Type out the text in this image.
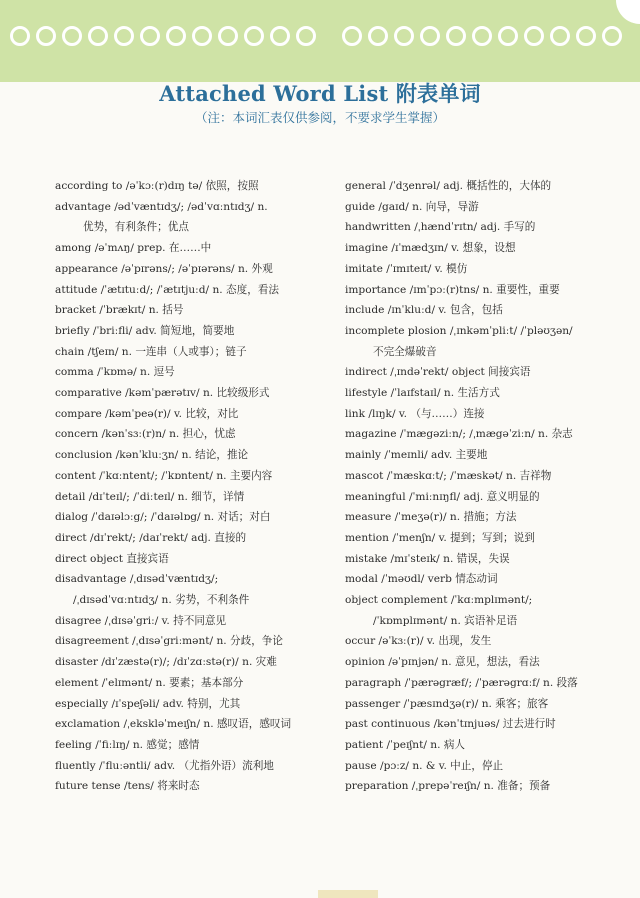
Attached Word List 附表单词
（注：本词汇表仅供参阅，不要求学生掌握）
according to /əˈkɔː(r)dɪŋ tə/ 依照，按照
advantage /ədˈvæntɪdʒ/; /ədˈvɑːntɪdʒ/ n.
优势，有利条件；优点
among /əˈmʌŋ/ prep. 在……中
appearance /əˈpɪrəns/; /əˈpɪərəns/ n. 外观
attitude /ˈætɪtuːd/; /ˈætɪtjuːd/ n. 态度，看法
bracket /ˈbrækɪt/ n. 括号
briefly /ˈbriːfli/ adv. 简短地，简要地
chain /tʃeɪn/ n. 一连串（人或事）；链子
comma /ˈkɒmə/ n. 逗号
comparative /kəmˈpærətɪv/ n. 比较级形式
compare /kəmˈpeə(r)/ v. 比较，对比
concern /kənˈsɜː(r)n/ n. 担心，忧虑
conclusion /kənˈkluːʒn/ n. 结论，推论
content /ˈkɑːntent/; /ˈkɒntent/ n. 主要内容
detail /dɪˈteɪl/; /ˈdiːteɪl/ n. 细节，详情
dialog /ˈdaɪəlɔːg/; /ˈdaɪəlɒg/ n. 对话；对白
direct /dɪˈrekt/; /daɪˈrekt/ adj. 直接的
direct object 直接宾语
disadvantage /ˌdɪsədˈvæntɪdʒ/;
/ˌdɪsədˈvɑːntɪdʒ/ n. 劣势，不利条件
disagree /ˌdɪsəˈgriː/ v. 持不同意见
disagreement /ˌdɪsəˈgriːmənt/ n. 分歧，争论
disaster /dɪˈzæstə(r)/; /dɪˈzɑːstə(r)/ n. 灾难
element /ˈelɪmənt/ n. 要素；基本部分
especially /ɪˈspeʃəli/ adv. 特别，尤其
exclamation /ˌekskləˈmeɪʃn/ n. 感叹语，感叹词
feeling /ˈfiːlɪŋ/ n. 感觉；感情
fluently /ˈfluːəntli/ adv. （尤指外语）流利地
future tense /tens/ 将来时态
general /ˈdʒenrəl/ adj. 概括性的，大体的
guide /gaɪd/ n. 向导，导游
handwritten /ˌhændˈrɪtn/ adj. 手写的
imagine /ɪˈmædʒɪn/ v. 想象，设想
imitate /ˈɪmɪteɪt/ v. 模仿
importance /ɪmˈpɔː(r)tns/ n. 重要性，重要
include /ɪnˈkluːd/ v. 包含，包括
incomplete plosion /ˌɪnkəmˈpliːt/ /ˈpləʊʒən/
不完全爆破音
indirect /ˌɪndəˈrekt/ object 间接宾语
lifestyle /ˈlaɪfstaɪl/ n. 生活方式
link /lɪŋk/ v. （与……）连接
magazine /ˈmægəziːn/; /ˌmægəˈziːn/ n. 杂志
mainly /ˈmeɪnli/ adv. 主要地
mascot /ˈmæskɑːt/; /ˈmæskət/ n. 吉祥物
meaningful /ˈmiːnɪŋfl/ adj. 意义明显的
measure /ˈmeʒə(r)/ n. 措施；方法
mention /ˈmenʃn/ v. 提到；写到；说到
mistake /mɪˈsteɪk/ n. 错误，失误
modal /ˈməʊdl/ verb 情态动词
object complement /ˈkɑːmplɪmənt/;
/ˈkɒmplɪmənt/ n. 宾语补足语
occur /əˈkɜː(r)/ v. 出现，发生
opinion /əˈpɪnjən/ n. 意见，想法，看法
paragraph /ˈpærəgræf/; /ˈpærəgrɑːf/ n. 段落
passenger /ˈpæsɪndʒə(r)/ n. 乘客；旅客
past continuous /kənˈtɪnjuəs/ 过去进行时
patient /ˈpeɪʃnt/ n. 病人
pause /pɔːz/ n. & v. 中止，停止
preparation /ˌprepəˈreɪʃn/ n. 准备；预备
